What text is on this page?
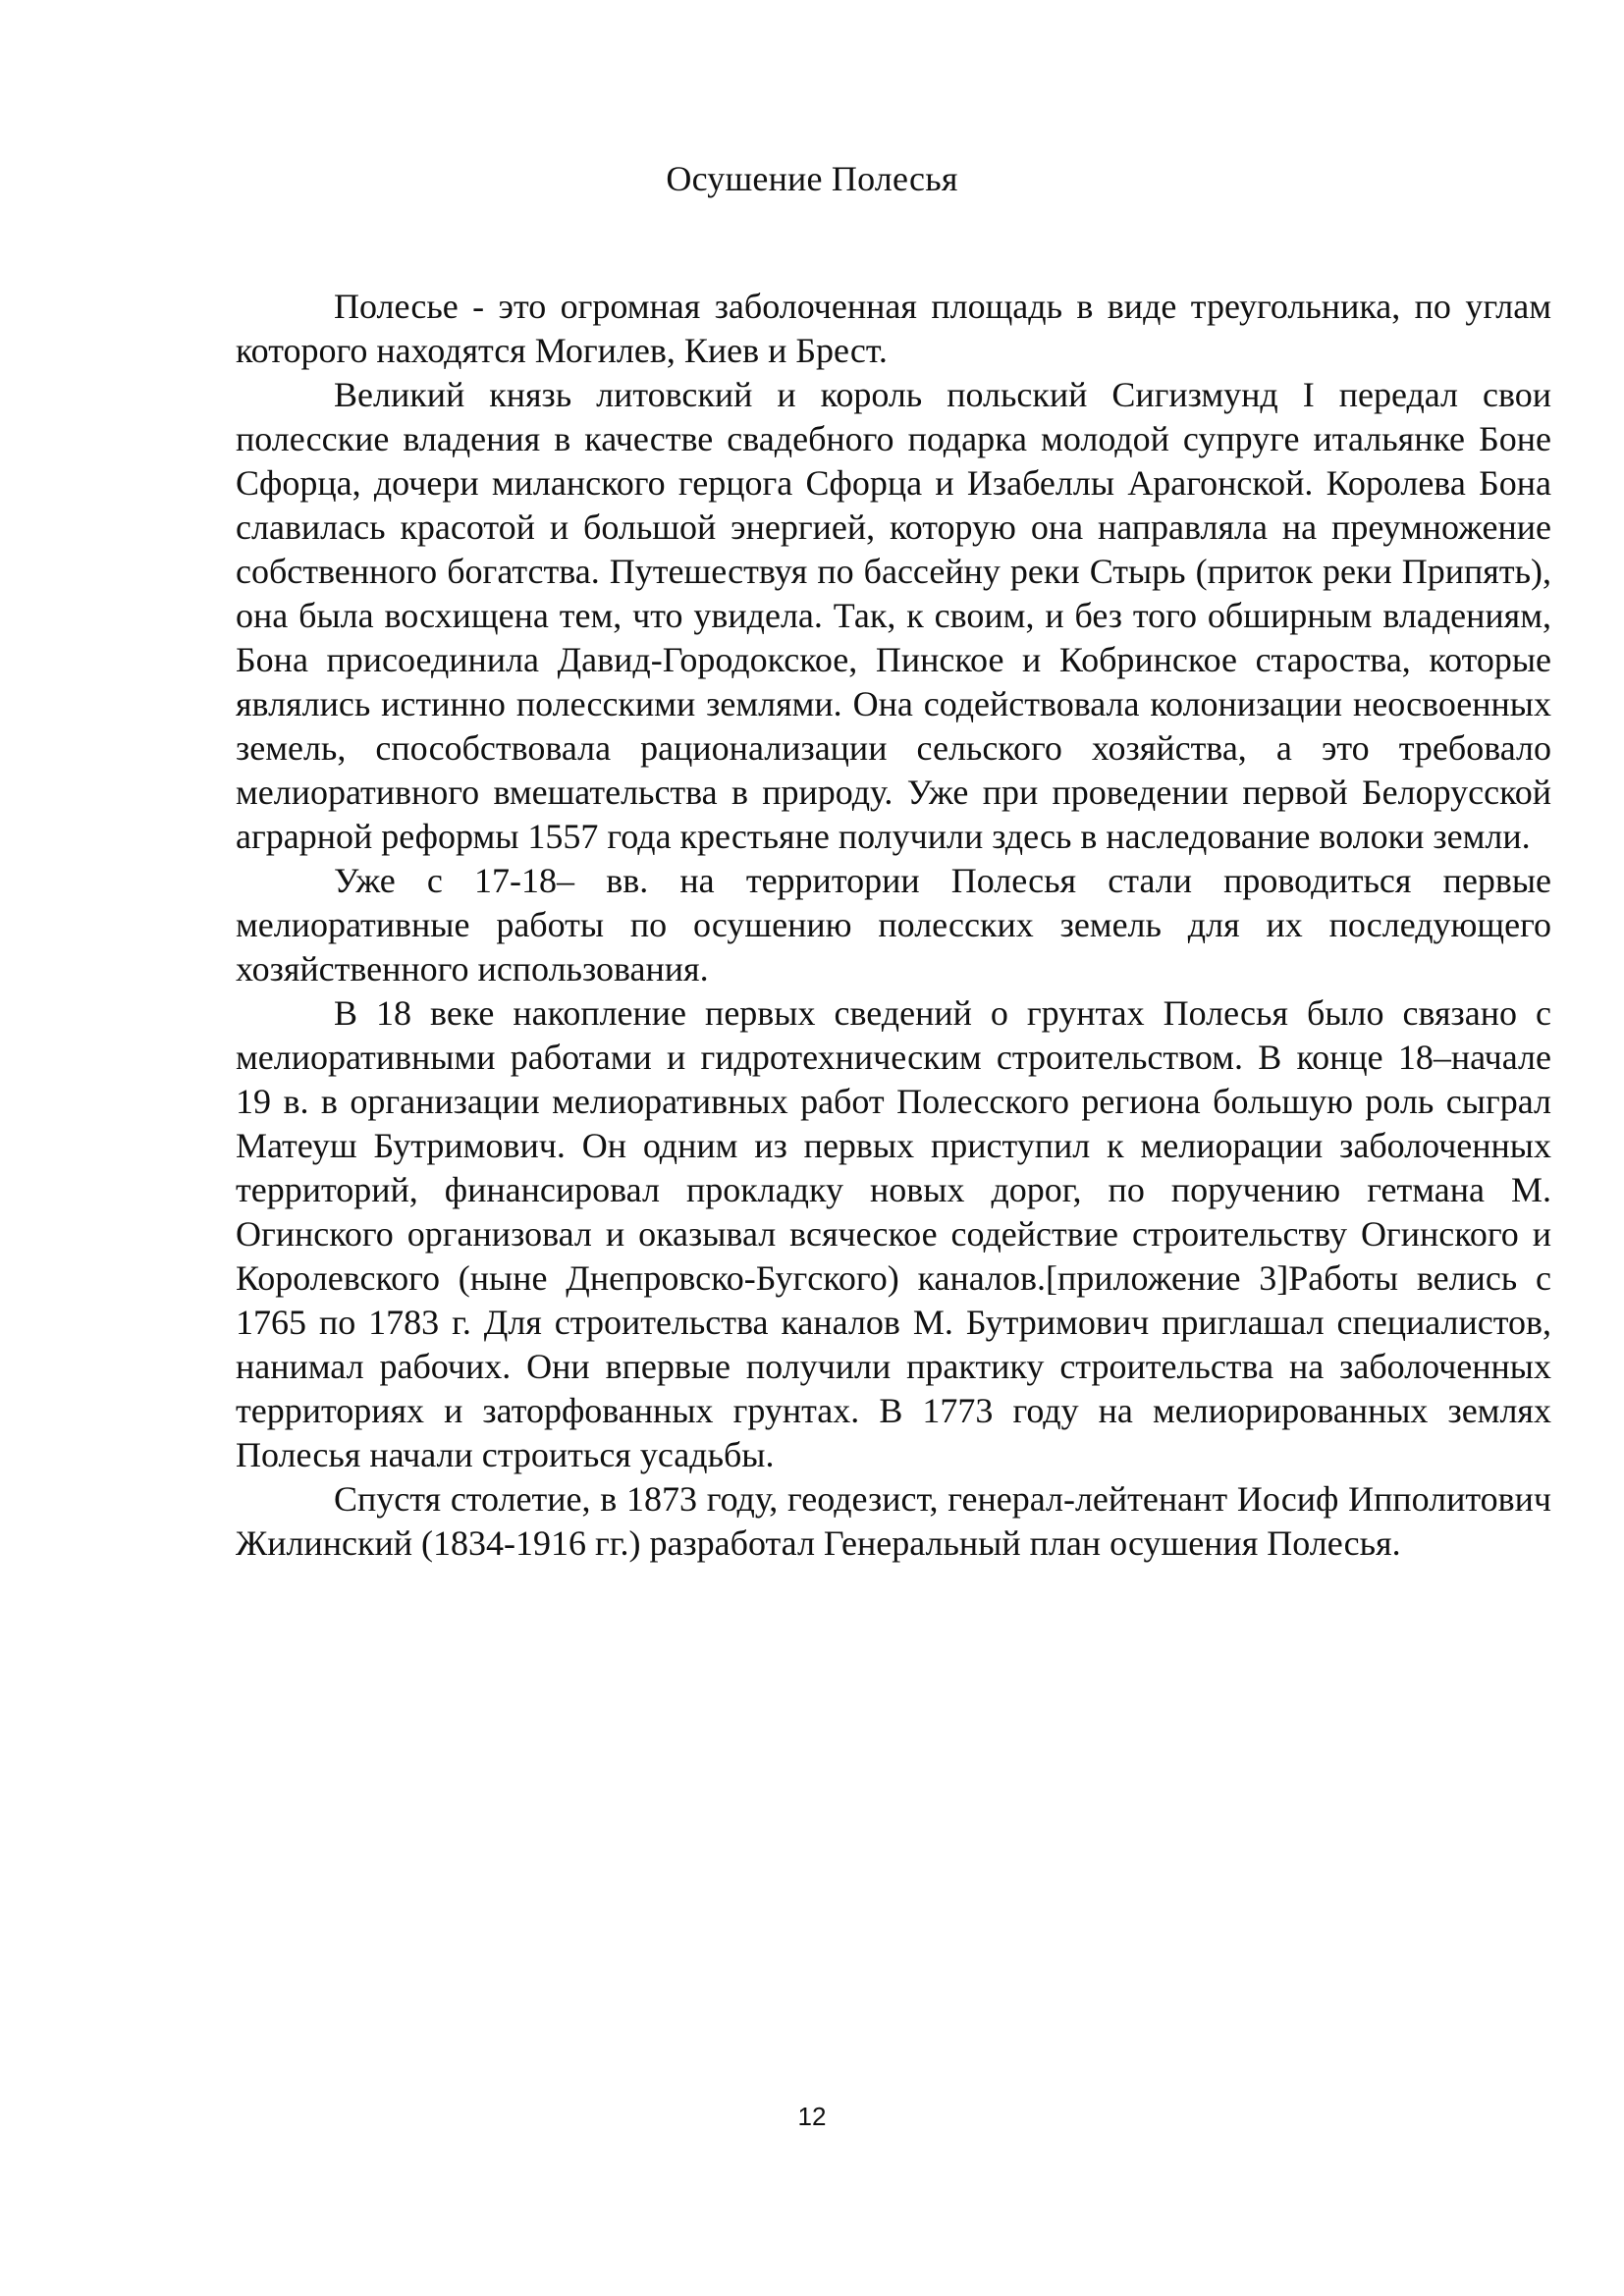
Осушение Полесья

Полесье - это огромная заболоченная площадь в виде треугольника, по углам которого находятся Могилев, Киев и Брест.

Великий князь литовский и король польский Сигизмунд I передал свои полесские владения в качестве свадебного подарка молодой супруге итальянке Боне Сфорца, дочери миланского герцога Сфорца и Изабеллы Арагонской. Королева Бона славилась красотой и большой энергией, которую она направляла на преумножение собственного богатства. Путешествуя по бассейну реки Стырь (приток реки Припять), она была восхищена тем, что увидела. Так, к своим, и без того обширным владениям, Бона присоединила Давид-Городокское, Пинское и Кобринское староства, которые являлись истинно полесскими землями. Она содействовала колонизации неосвоенных земель, способствовала рационализации сельского хозяйства, а это требовало мелиоративного вмешательства в природу. Уже при проведении первой Белорусской аграрной реформы 1557 года крестьяне получили здесь в наследование волоки земли.

Уже с 17-18– вв. на территории Полесья стали проводиться первые мелиоративные работы по осушению полесских земель для их последующего хозяйственного использования.

В 18 веке накопление первых сведений о грунтах Полесья было связано с мелиоративными работами и гидротехническим строительством. В конце 18–начале 19 в. в организации мелиоративных работ Полесского региона большую роль сыграл Матеуш Бутримович. Он одним из первых приступил к мелиорации заболоченных территорий, финансировал прокладку новых дорог, по поручению гетмана М. Огинского организовал и оказывал всяческое содействие строительству Огинского и Королевского (ныне Днепровско-Бугского) каналов.[приложение 3]Работы велись с 1765 по 1783 г. Для строительства каналов М. Бутримович приглашал специалистов, нанимал рабочих. Они впервые получили практику строительства на заболоченных территориях и заторфованных грунтах. В 1773 году на мелиорированных землях Полесья начали строиться усадьбы.

Спустя столетие, в 1873 году, геодезист, генерал-лейтенант Иосиф Ипполитович Жилинский (1834-1916 гг.) разработал Генеральный план осушения Полесья.

12
